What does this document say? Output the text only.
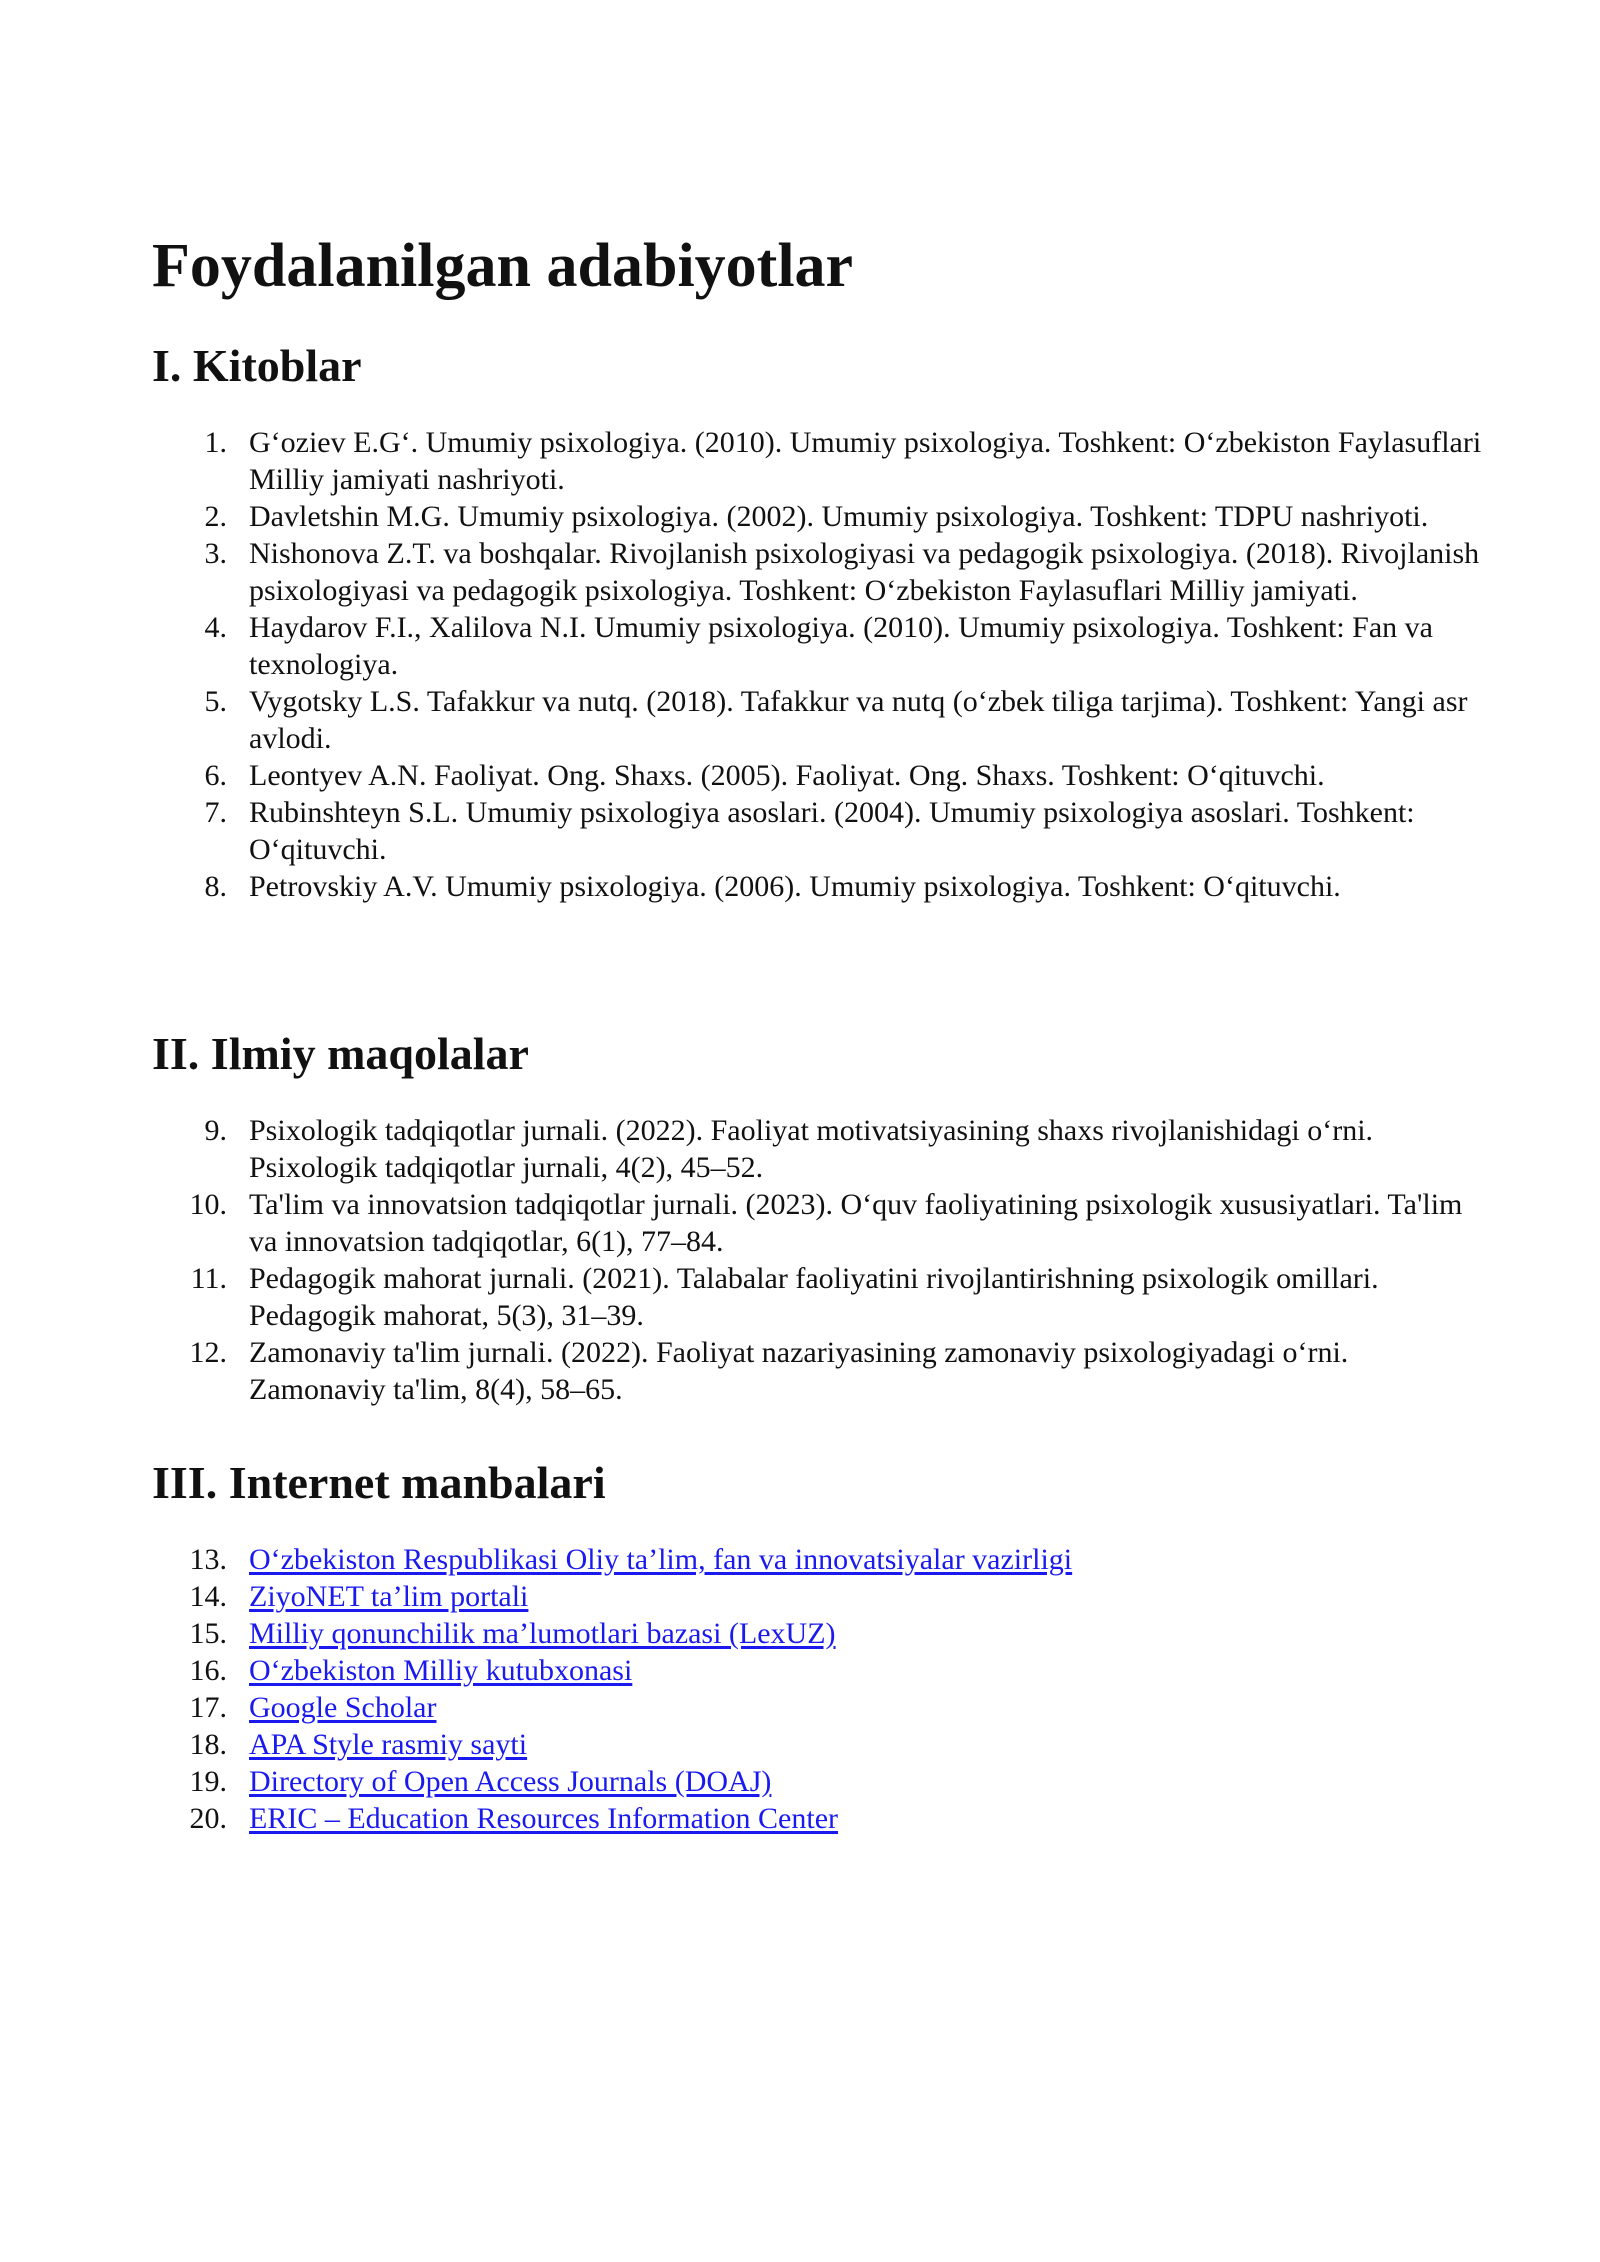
Foydalanilgan adabiyotlar
I. Kitoblar
1. G‘oziev E.G‘. Umumiy psixologiya. (2010). Umumiy psixologiya. Toshkent: O‘zbekiston Faylasuflari Milliy jamiyati nashriyoti.
2. Davletshin M.G. Umumiy psixologiya. (2002). Umumiy psixologiya. Toshkent: TDPU nashriyoti.
3. Nishonova Z.T. va boshqalar. Rivojlanish psixologiyasi va pedagogik psixologiya. (2018). Rivojlanish psixologiyasi va pedagogik psixologiya. Toshkent: O‘zbekiston Faylasuflari Milliy jamiyati.
4. Haydarov F.I., Xalilova N.I. Umumiy psixologiya. (2010). Umumiy psixologiya. Toshkent: Fan va texnologiya.
5. Vygotsky L.S. Tafakkur va nutq. (2018). Tafakkur va nutq (o‘zbek tiliga tarjima). Toshkent: Yangi asr avlodi.
6. Leontyev A.N. Faoliyat. Ong. Shaxs. (2005). Faoliyat. Ong. Shaxs. Toshkent: O‘qituvchi.
7. Rubinshteyn S.L. Umumiy psixologiya asoslari. (2004). Umumiy psixologiya asoslari. Toshkent: O‘qituvchi.
8. Petrovskiy A.V. Umumiy psixologiya. (2006). Umumiy psixologiya. Toshkent: O‘qituvchi.
II. Ilmiy maqolalar
9. Psixologik tadqiqotlar jurnali. (2022). Faoliyat motivatsiyasining shaxs rivojlanishidagi o‘rni. Psixologik tadqiqotlar jurnali, 4(2), 45–52.
10. Ta'lim va innovatsion tadqiqotlar jurnali. (2023). O‘quv faoliyatining psixologik xususiyatlari. Ta'lim va innovatsion tadqiqotlar, 6(1), 77–84.
11. Pedagogik mahorat jurnali. (2021). Talabalar faoliyatini rivojlantirishning psixologik omillari. Pedagogik mahorat, 5(3), 31–39.
12. Zamonaviy ta'lim jurnali. (2022). Faoliyat nazariyasining zamonaviy psixologiyadagi o‘rni. Zamonaviy ta'lim, 8(4), 58–65.
III. Internet manbalari
13. O‘zbekiston Respublikasi Oliy ta’lim, fan va innovatsiyalar vazirligi
14. ZiyoNET ta’lim portali
15. Milliy qonunchilik ma’lumotlari bazasi (LexUZ)
16. O‘zbekiston Milliy kutubxonasi
17. Google Scholar
18. APA Style rasmiy sayti
19. Directory of Open Access Journals (DOAJ)
20. ERIC – Education Resources Information Center
